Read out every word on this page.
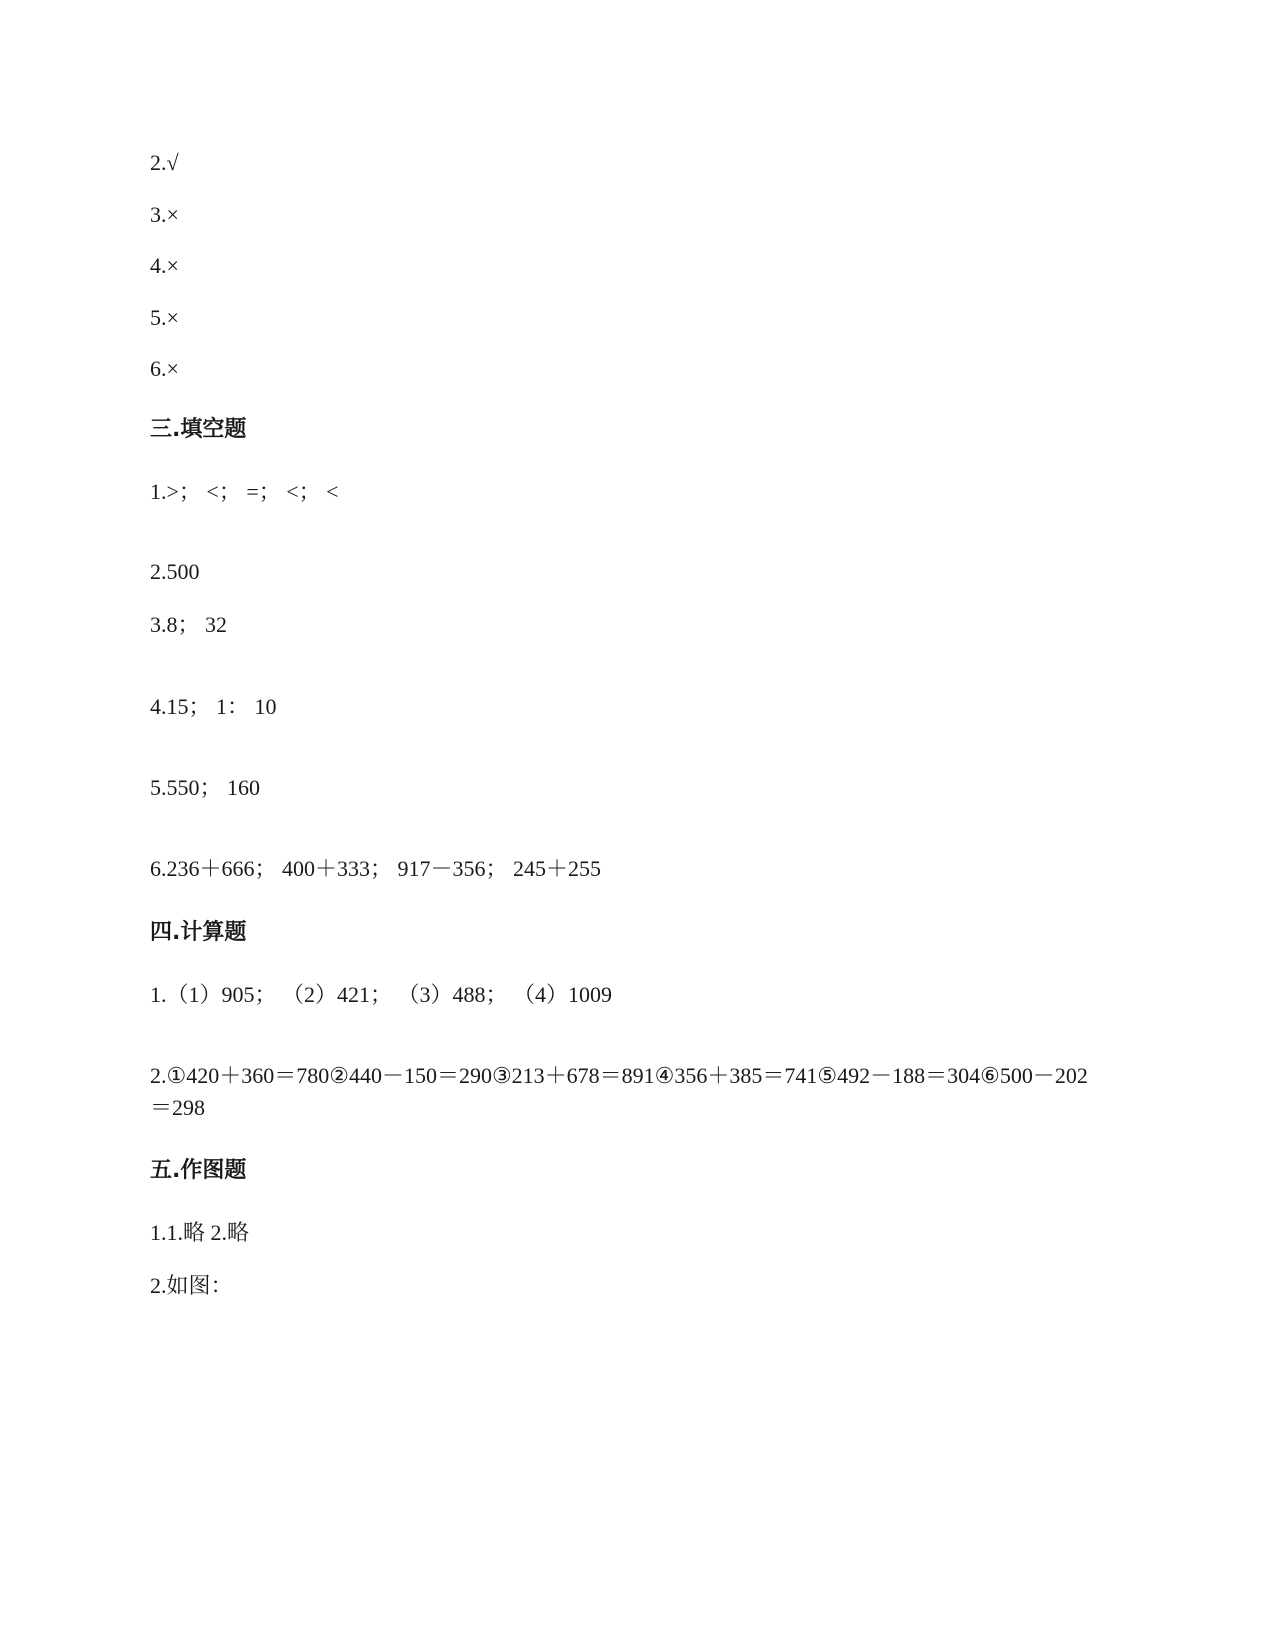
2.√
3.×
4.×
5.×
6.×
三.填空题
1.>； <； =； <； <
2.500
3.8； 32
4.15； 1： 10
5.550； 160
6.236＋666； 400＋333； 917－356； 245＋255
四.计算题
1.（1）905； （2）421； （3）488； （4）1009
2.①420＋360＝780②440－150＝290③213＋678＝891④356＋385＝741⑤492－188＝304⑥500－202＝298
五.作图题
1.1.略 2.略
2.如图：
